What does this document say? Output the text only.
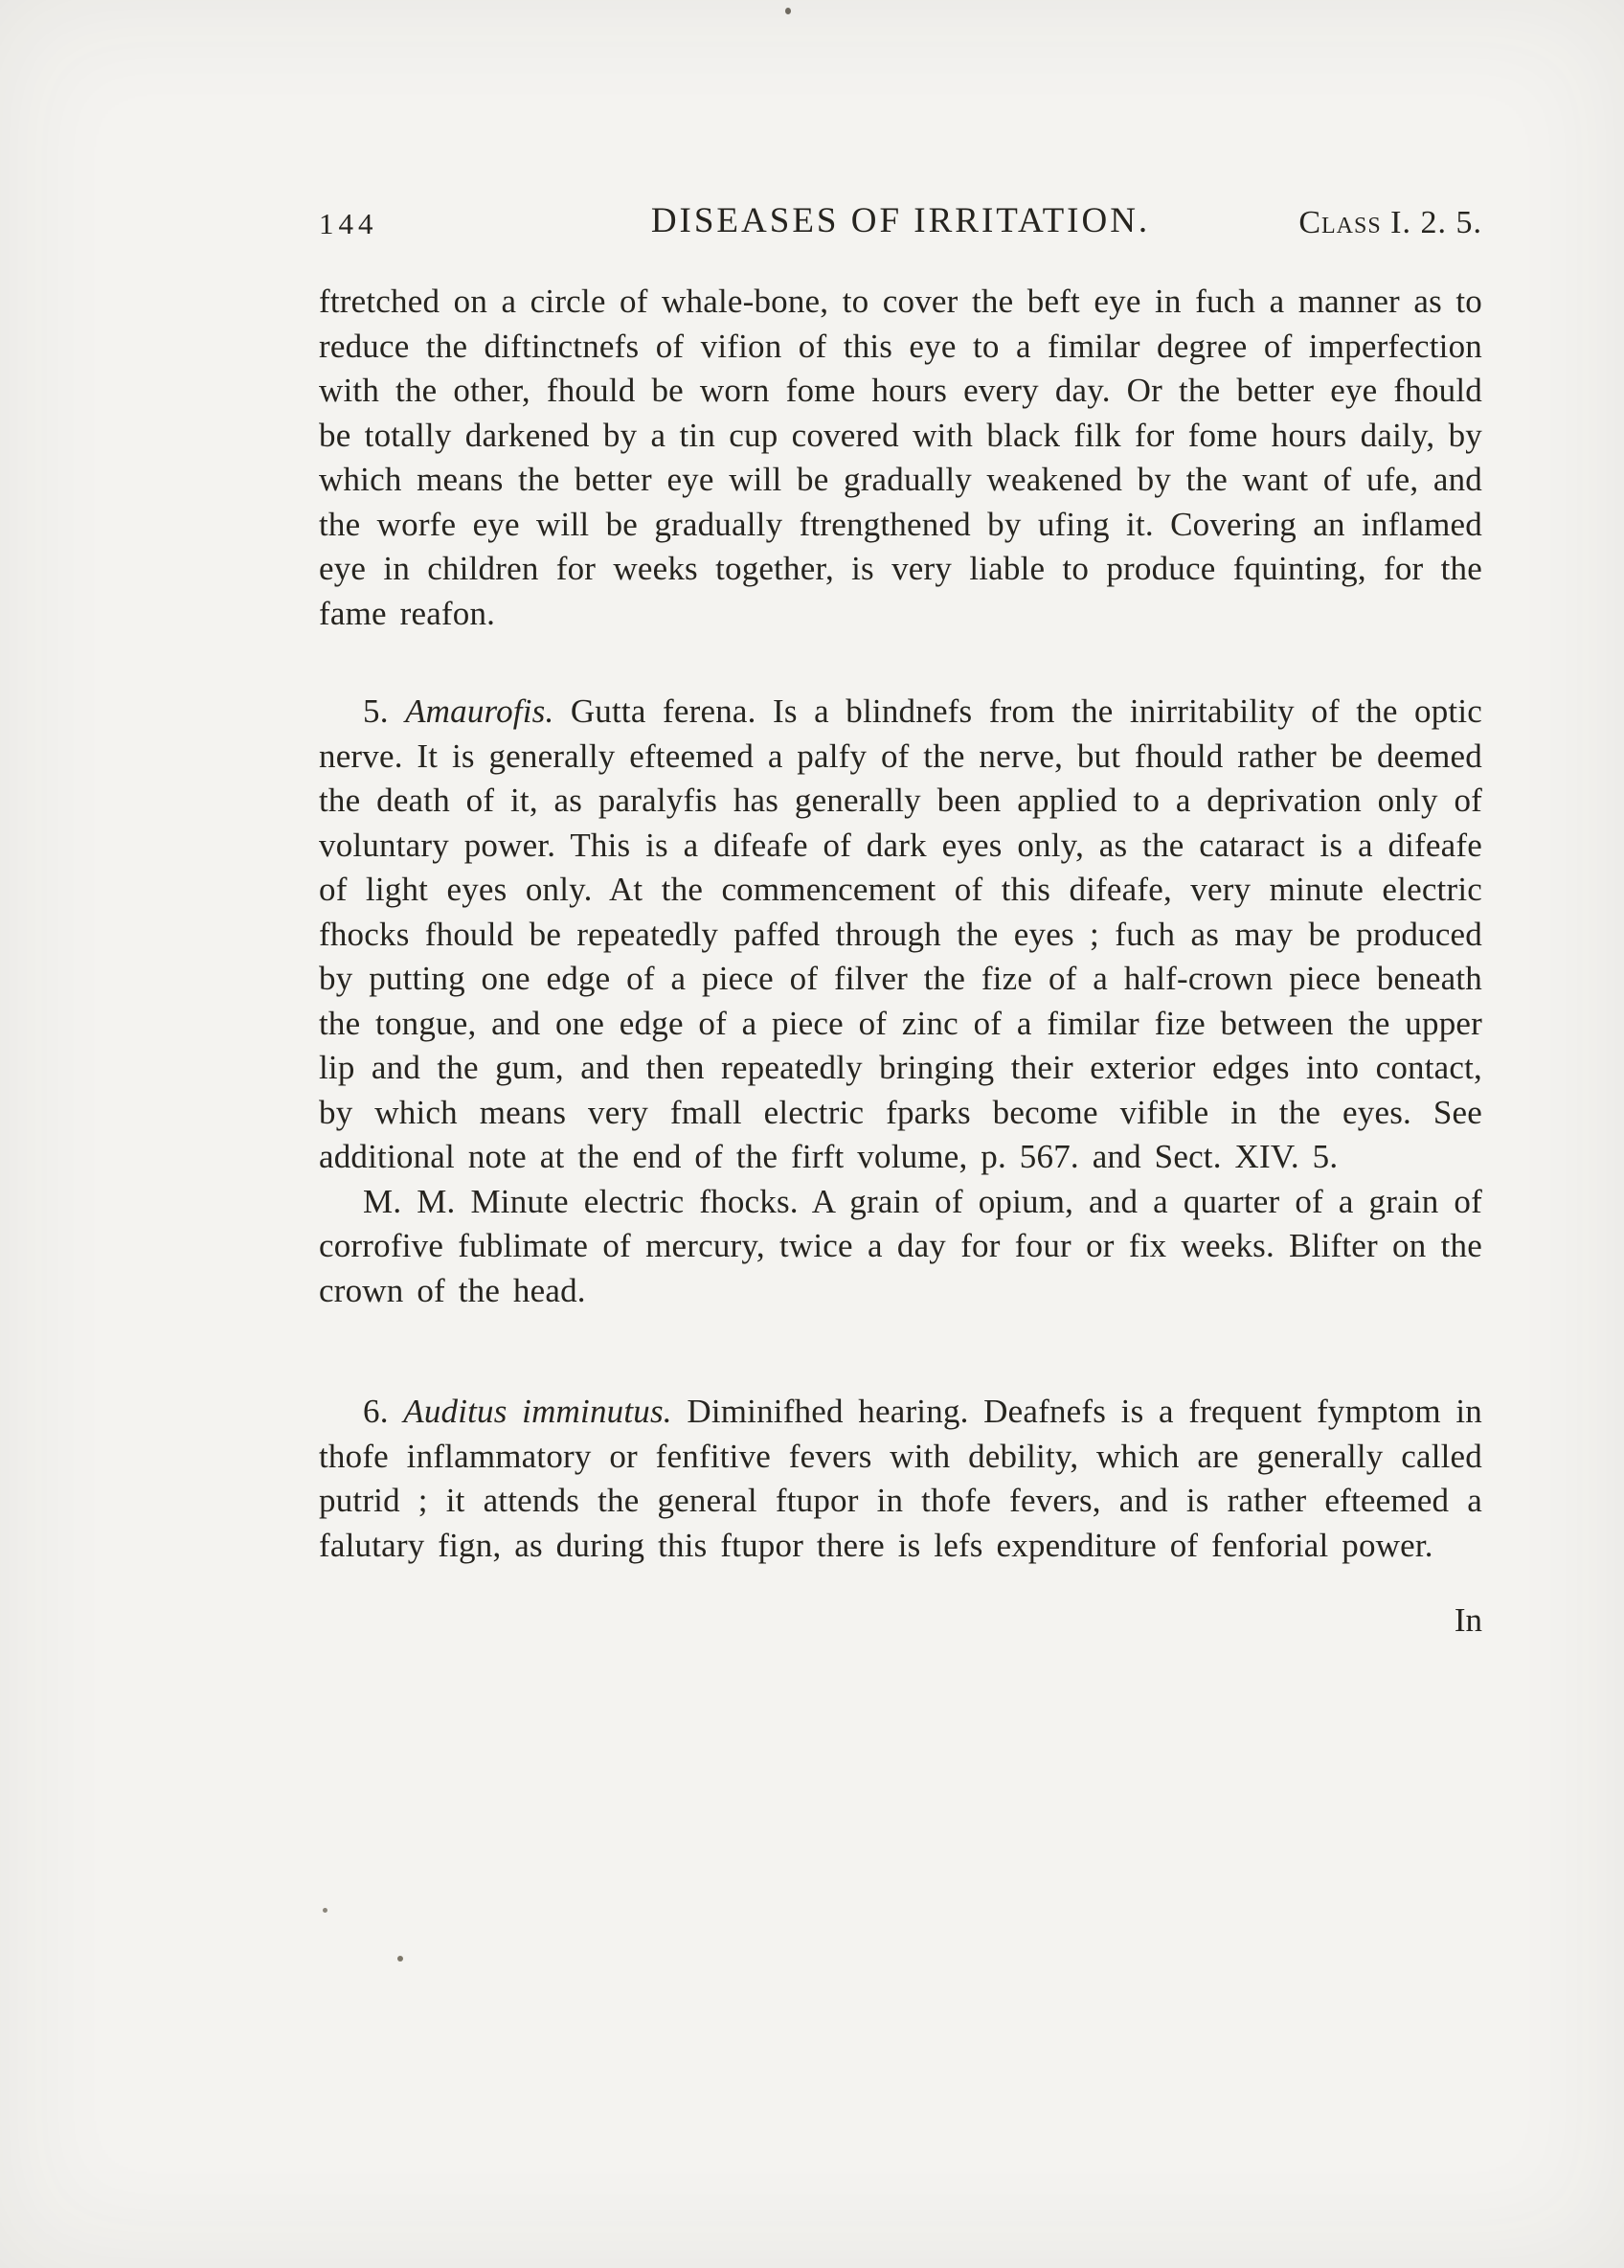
144	DISEASES OF IRRITATION.	Class I. 2. 5.

ftretched on a circle of whale-bone, to cover the beft eye in fuch a manner as to reduce the diftinctnefs of vifion of this eye to a fimilar degree of imperfection with the other, fhould be worn fome hours every day. Or the better eye fhould be totally darkened by a tin cup covered with black filk for fome hours daily, by which means the better eye will be gradually weakened by the want of ufe, and the worfe eye will be gradually ftrengthened by ufing it. Covering an inflamed eye in children for weeks together, is very liable to produce fquinting, for the fame reafon.

5. Amaurofis. Gutta ferena. Is a blindnefs from the inirritability of the optic nerve. It is generally efteemed a palfy of the nerve, but fhould rather be deemed the death of it, as paralyfis has generally been applied to a deprivation only of voluntary power. This is a difeafe of dark eyes only, as the cataract is a difeafe of light eyes only. At the commencement of this difeafe, very minute electric fhocks fhould be repeatedly paffed through the eyes ; fuch as may be produced by putting one edge of a piece of filver the fize of a half-crown piece beneath the tongue, and one edge of a piece of zinc of a fimilar fize between the upper lip and the gum, and then repeatedly bringing their exterior edges into contact, by which means very fmall electric fparks become vifible in the eyes. See additional note at the end of the firft volume, p. 567. and Sect. XIV. 5.

M. M. Minute electric fhocks. A grain of opium, and a quarter of a grain of corrofive fublimate of mercury, twice a day for four or fix weeks. Blifter on the crown of the head.

6. Auditus imminutus. Diminifhed hearing. Deafnefs is a frequent fymptom in thofe inflammatory or fenfitive fevers with debility, which are generally called putrid ; it attends the general ftupor in thofe fevers, and is rather efteemed a falutary fign, as during this ftupor there is lefs expenditure of fenforial power.

In
